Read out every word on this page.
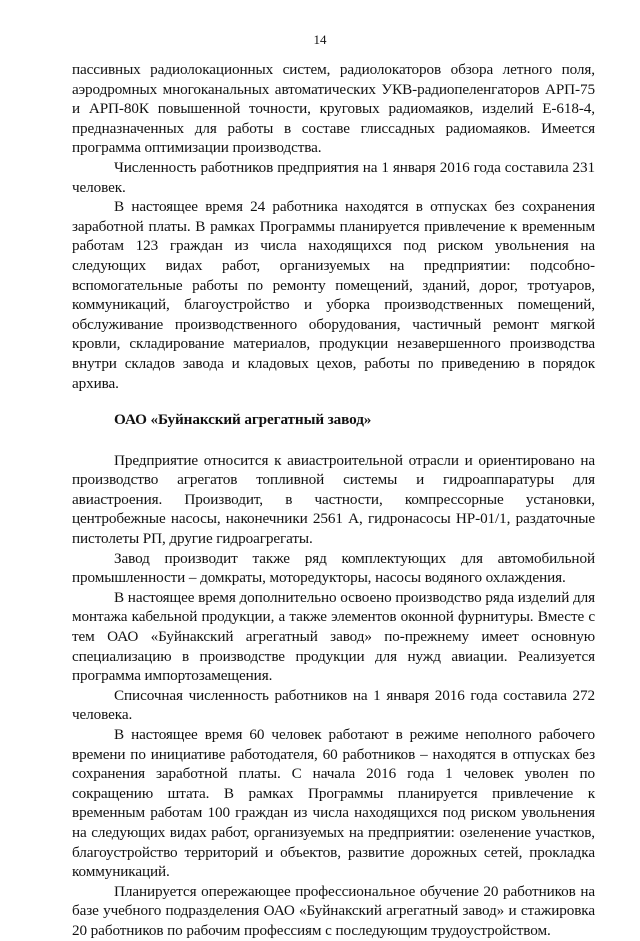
14

пассивных радиолокационных систем, радиолокаторов обзора летного поля, аэродромных многоканальных автоматических УКВ-радиопеленгаторов АРП-75 и АРП-80К повышенной точности, круговых радиомаяков, изделий Е-618-4, предназначенных для работы в составе глиссадных радиомаяков. Имеется программа оптимизации производства.

Численность работников предприятия на 1 января 2016 года составила 231 человек.

В настоящее время 24 работника находятся в отпусках без сохранения заработной платы. В рамках Программы планируется привлечение к временным работам 123 граждан из числа находящихся под риском увольнения на следующих видах работ, организуемых на предприятии: подсобно-вспомогательные работы по ремонту помещений, зданий, дорог, тротуаров, коммуникаций, благоустройство и уборка производственных помещений, обслуживание производственного оборудования, частичный ремонт мягкой кровли, складирование материалов, продукции незавершенного производства внутри складов завода и кладовых цехов, работы по приведению в порядок архива.

ОАО «Буйнакский агрегатный завод»

Предприятие относится к авиастроительной отрасли и ориентировано на производство агрегатов топливной системы и гидроаппаратуры для авиастроения. Производит, в частности, компрессорные установки, центробежные насосы, наконечники 2561 А, гидронасосы НР-01/1, раздаточные пистолеты РП, другие гидроагрегаты.

Завод производит также ряд комплектующих для автомобильной промышленности – домкраты, моторедукторы, насосы водяного охлаждения.

В настоящее время дополнительно освоено производство ряда изделий для монтажа кабельной продукции, а также элементов оконной фурнитуры. Вместе с тем ОАО «Буйнакский агрегатный завод» по-прежнему имеет основную специализацию в производстве продукции для нужд авиации. Реализуется программа импортозамещения.

Списочная численность работников на 1 января 2016 года составила 272 человека.

В настоящее время 60 человек работают в режиме неполного рабочего времени по инициативе работодателя, 60 работников – находятся в отпусках без сохранения заработной платы. С начала 2016 года 1 человек уволен по сокращению штата. В рамках Программы планируется привлечение к временным работам 100 граждан из числа находящихся под риском увольнения на следующих видах работ, организуемых на предприятии: озеленение участков, благоустройство территорий и объектов, развитие дорожных сетей, прокладка коммуникаций.

Планируется опережающее профессиональное обучение 20 работников на базе учебного подразделения ОАО «Буйнакский агрегатный завод» и стажировка 20 работников по рабочим профессиям с последующим трудоустройством.
